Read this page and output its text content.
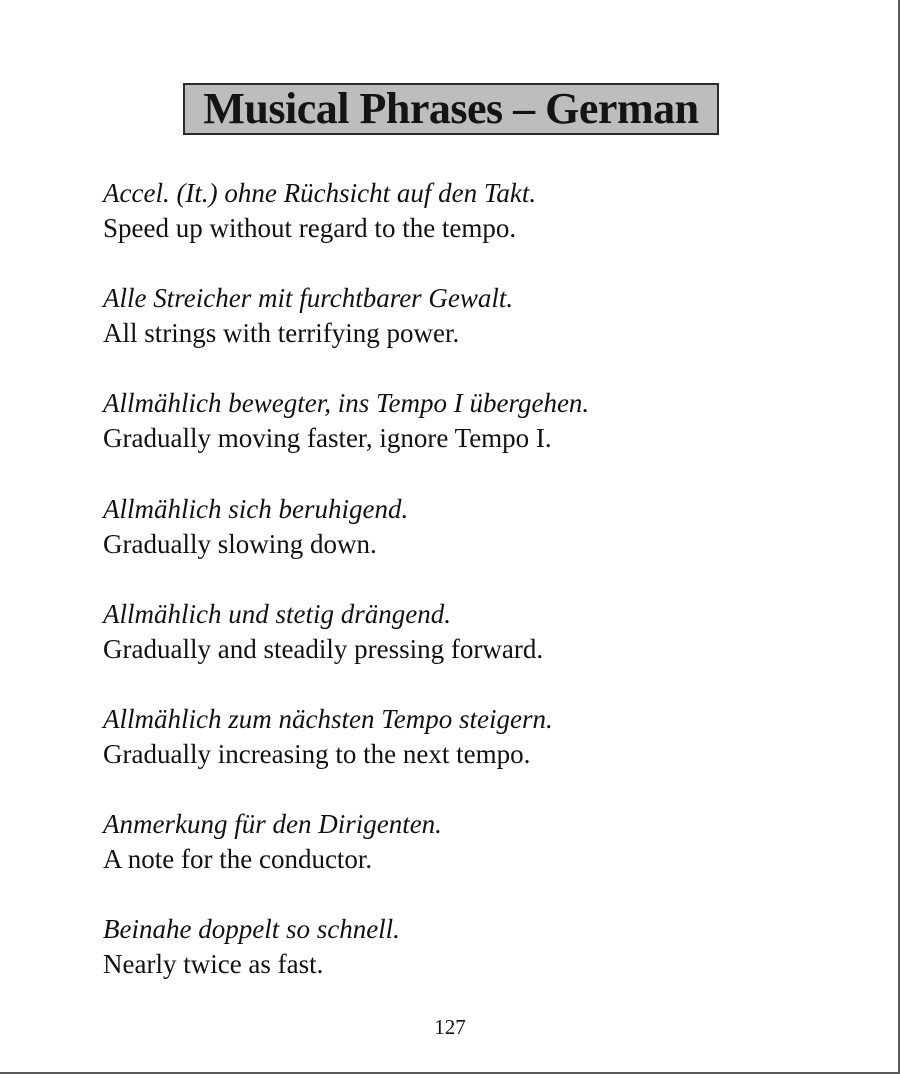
Musical Phrases – German
Accel. (It.) ohne Rüchsicht auf den Takt.
Speed up without regard to the tempo.
Alle Streicher mit furchtbarer Gewalt.
All strings with terrifying power.
Allmählich bewegter, ins Tempo I übergehen.
Gradually moving faster, ignore Tempo I.
Allmählich sich beruhigend.
Gradually slowing down.
Allmählich und stetig drängend.
Gradually and steadily pressing forward.
Allmählich zum nächsten Tempo steigern.
Gradually increasing to the next tempo.
Anmerkung für den Dirigenten.
A note for the conductor.
Beinahe doppelt so schnell.
Nearly twice as fast.
127
